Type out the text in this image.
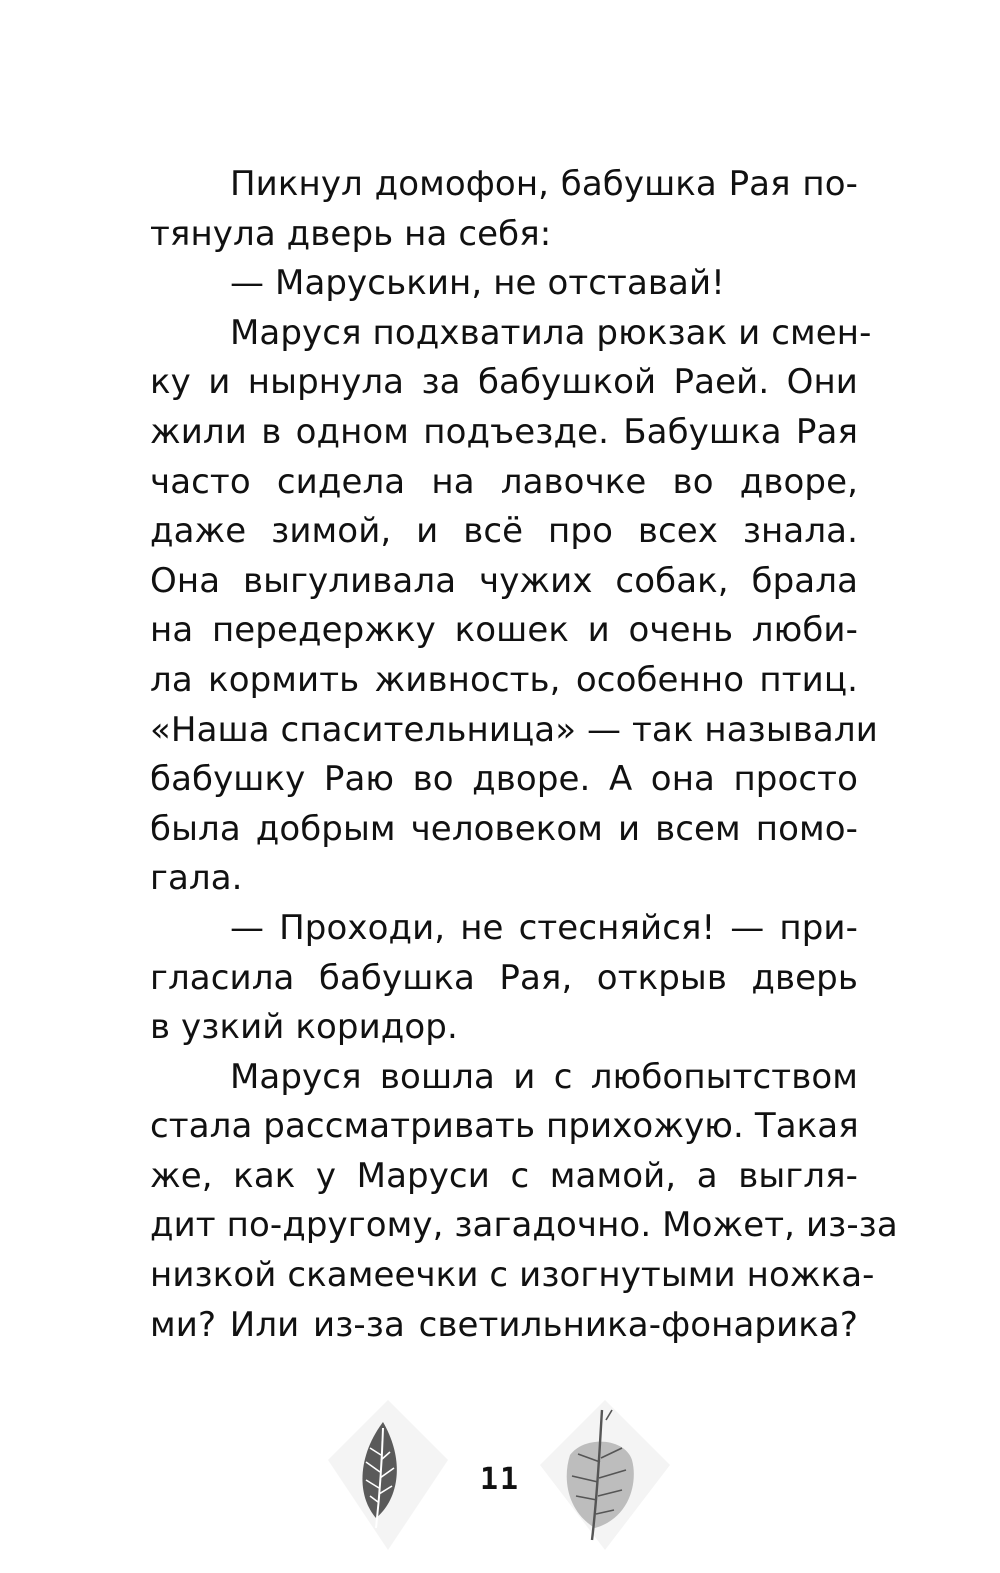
Пикнул домофон, бабушка Рая по-
тянула дверь на себя:
— Маруськин, не отставай!
Маруся подхватила рюкзак и смен-
ку и нырнула за бабушкой Раей. Они
жили в одном подъезде. Бабушка Рая
часто сидела на лавочке во дворе,
даже зимой, и всё про всех знала.
Она выгуливала чужих собак, брала
на передержку кошек и очень люби-
ла кормить живность, особенно птиц.
«Наша спасительница» — так называли
бабушку Раю во дворе. А она просто
была добрым человеком и всем помо-
гала.
— Проходи, не стесняйся! — при-
гласила бабушка Рая, открыв дверь
в узкий коридор.
Маруся вошла и с любопытством
стала рассматривать прихожую. Такая
же, как у Маруси с мамой, а выгля-
дит по-другому, загадочно. Может, из-за
низкой скамеечки с изогнутыми ножка-
ми? Или из-за светильника-фонарика?
11
